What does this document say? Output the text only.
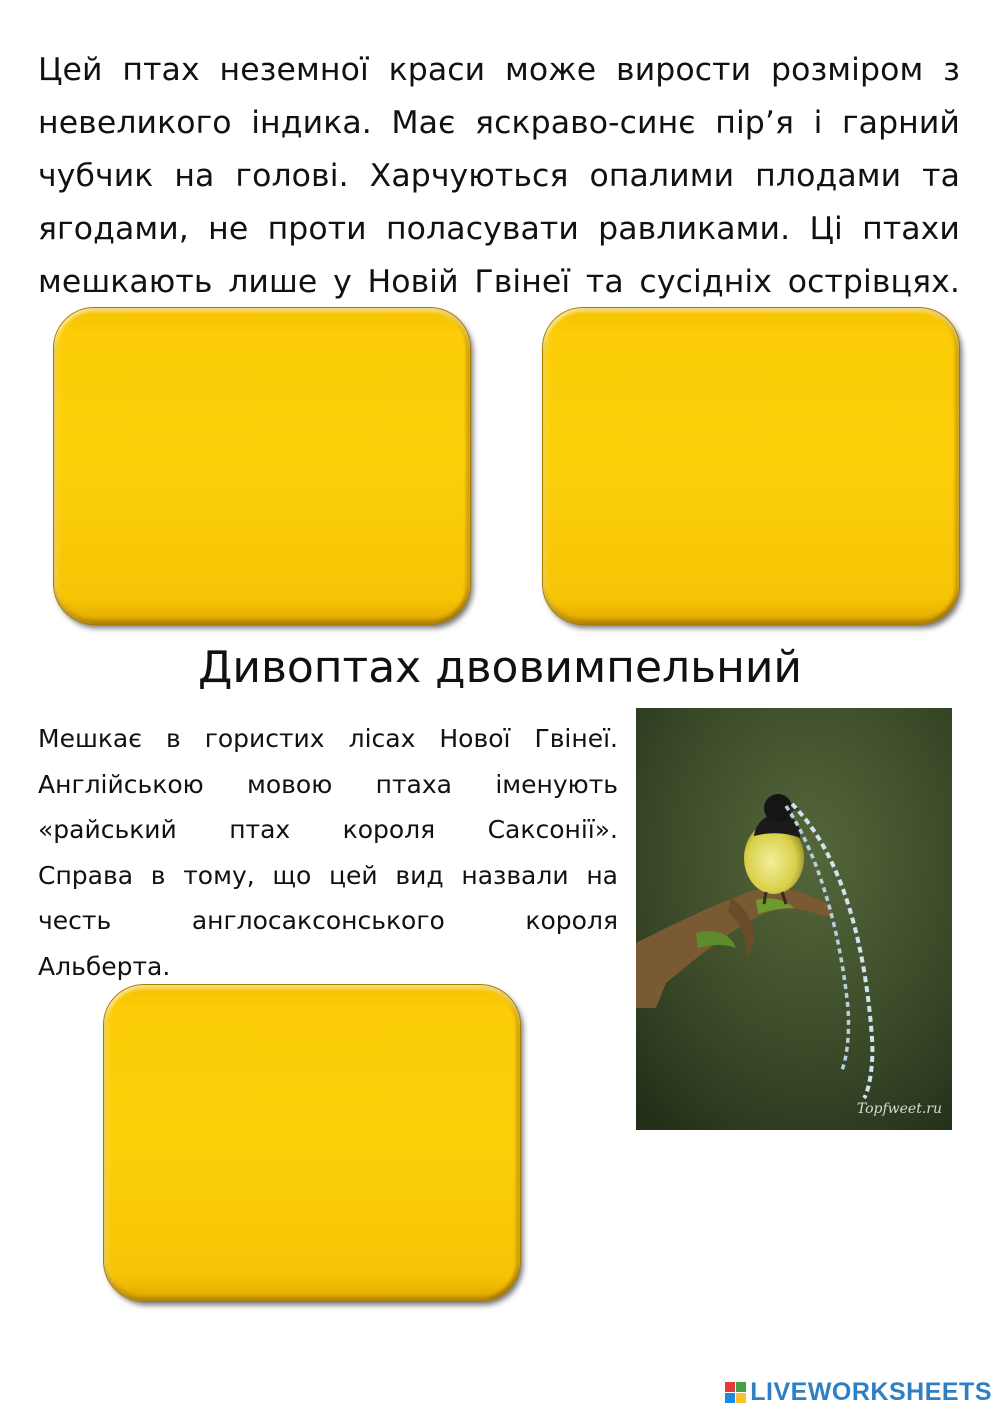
Цей птах неземної краси може вирости розміром з
невеликого індика. Має яскраво-синє пір’я і гарний
чубчик на голові. Харчуються опалими плодами та
ягодами, не проти поласувати равликами. Ці птахи
мешкають лише у Новій Гвінеї та сусідніх острівцях.

Дивоптах двовимпельний

Мешкає в гористих лісах Нової Гвінеї.
Англійською мовою птаха іменують
«райський птах короля Саксонії».
Справа в тому, що цей вид назвали на
честь англосаксонського короля
Альберта.

Topfweet.ru
LIVEWORKSHEETS
